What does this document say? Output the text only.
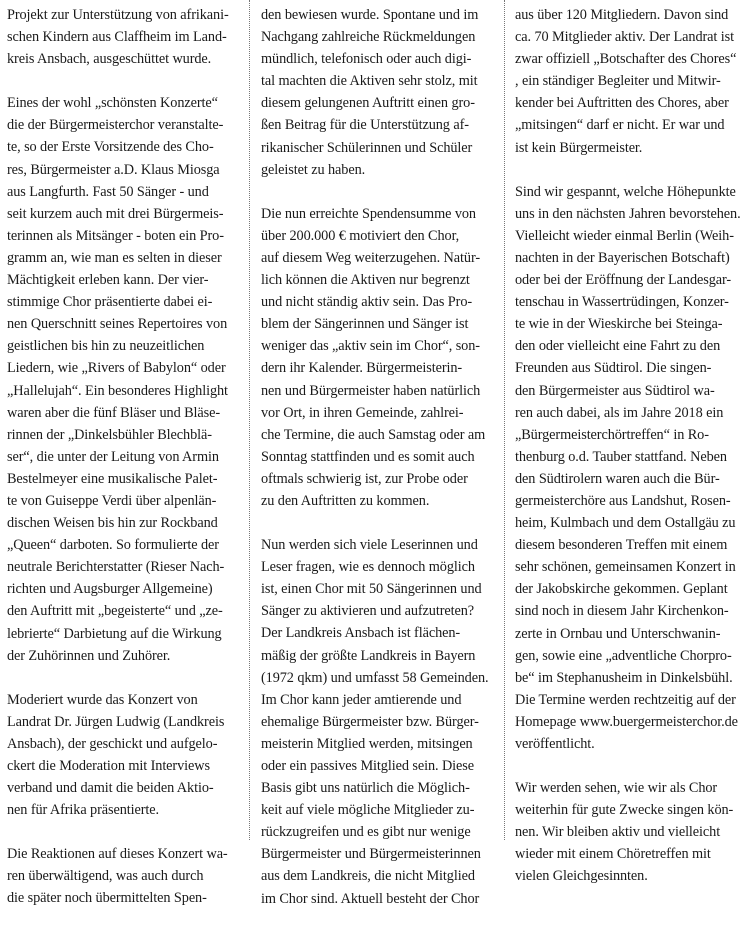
Projekt zur Unterstützung von afrikani-
schen Kindern aus Claffheim im Land-
kreis Ansbach, ausgeschüttet wurde.

Eines der wohl „schönsten Konzerte“
die der Bürgermeisterchor veranstalte-
te, so der Erste Vorsitzende des Cho-
res, Bürgermeister a.D. Klaus Miosga
aus Langfurth. Fast 50 Sänger - und
seit kurzem auch mit drei Bürgermeis-
terinnen als Mitsänger - boten ein Pro-
gramm an, wie man es selten in dieser
Mächtigkeit erleben kann. Der vier-
stimmige Chor präsentierte dabei ei-
nen Querschnitt seines Repertoires von
geistlichen bis hin zu neuzeitlichen
Liedern, wie „Rivers of Babylon“ oder
„Hallelujah“. Ein besonderes Highlight
waren aber die fünf Bläser und Bläse-
rinnen der „Dinkelsbühler Blechblä-
ser“, die unter der Leitung von Armin
Bestelmeyer eine musikalische Palet-
te von Guiseppe Verdi über alpenlän-
dischen Weisen bis hin zur Rockband
„Queen“ darboten. So formulierte der
neutrale Berichterstatter (Rieser Nach-
richten und Augsburger Allgemeine)
den Auftritt mit „begeisterte“ und „ze-
lebrierte“ Darbietung auf die Wirkung
der Zuhörinnen und Zuhörer.

Moderiert wurde das Konzert von
Landrat Dr. Jürgen Ludwig (Landkreis
Ansbach), der geschickt und aufgelo-
ckert die Moderation mit Interviews
verband und damit die beiden Aktio-
nen für Afrika präsentierte.

Die Reaktionen auf dieses Konzert wa-
ren überwältigend, was auch durch
die später noch übermittelten Spen-

den bewiesen wurde. Spontane und im
Nachgang zahlreiche Rückmeldungen
mündlich, telefonisch oder auch digi-
tal machten die Aktiven sehr stolz, mit
diesem gelungenen Auftritt einen gro-
ßen Beitrag für die Unterstützung af-
rikanischer Schülerinnen und Schüler
geleistet zu haben.

Die nun erreichte Spendensumme von
über 200.000 € motiviert den Chor,
auf diesem Weg weiterzugehen. Natür-
lich können die Aktiven nur begrenzt
und nicht ständig aktiv sein. Das Pro-
blem der Sängerinnen und Sänger ist
weniger das „aktiv sein im Chor“, son-
dern ihr Kalender. Bürgermeisterin-
nen und Bürgermeister haben natürlich
vor Ort, in ihren Gemeinde, zahlrei-
che Termine, die auch Samstag oder am
Sonntag stattfinden und es somit auch
oftmals schwierig ist, zur Probe oder
zu den Auftritten zu kommen.

Nun werden sich viele Leserinnen und
Leser fragen, wie es dennoch möglich
ist, einen Chor mit 50 Sängerinnen und
Sänger zu aktivieren und aufzutreten?
Der Landkreis Ansbach ist flächen-
mäßig der größte Landkreis in Bayern
(1972 qkm) und umfasst 58 Gemeinden.
Im Chor kann jeder amtierende und
ehemalige Bürgermeister bzw. Bürger-
meisterin Mitglied werden, mitsingen
oder ein passives Mitglied sein. Diese
Basis gibt uns natürlich die Möglich-
keit auf viele mögliche Mitglieder zu-
rückzugreifen und es gibt nur wenige
Bürgermeister und Bürgermeisterinnen
aus dem Landkreis, die nicht Mitglied
im Chor sind. Aktuell besteht der Chor

aus über 120 Mitgliedern. Davon sind
ca. 70 Mitglieder aktiv. Der Landrat ist
zwar offiziell „Botschafter des Chores“
, ein ständiger Begleiter und Mitwir-
kender bei Auftritten des Chores, aber
„mitsingen“ darf er nicht. Er war und
ist kein Bürgermeister.

Sind wir gespannt, welche Höhepunkte
uns in den nächsten Jahren bevorstehen.
Vielleicht wieder einmal Berlin (Weih-
nachten in der Bayerischen Botschaft)
oder bei der Eröffnung der Landesgar-
tenschau in Wassertrüdingen, Konzer-
te wie in der Wieskirche bei Steinga-
den oder vielleicht eine Fahrt zu den
Freunden aus Südtirol. Die singen-
den Bürgermeister aus Südtirol wa-
ren auch dabei, als im Jahre 2018 ein
„Bürgermeisterchörtreffen“ in Ro-
thenburg o.d. Tauber stattfand. Neben
den Südtirolern waren auch die Bür-
germeisterchöre aus Landshut, Rosen-
heim, Kulmbach und dem Ostallgäu zu
diesem besonderen Treffen mit einem
sehr schönen, gemeinsamen Konzert in
der Jakobskirche gekommen. Geplant
sind noch in diesem Jahr Kirchenkon-
zerte in Ornbau und Unterschwanin-
gen, sowie eine „adventliche Chorpro-
be“ im Stephanusheim in Dinkelsbühl.
Die Termine werden rechtzeitig auf der
Homepage www.buergermeisterchor.de
veröffentlicht.

Wir werden sehen, wie wir als Chor
weiterhin für gute Zwecke singen kön-
nen. Wir bleiben aktiv und vielleicht
wieder mit einem Chöretreffen mit
vielen Gleichgesinnten.
